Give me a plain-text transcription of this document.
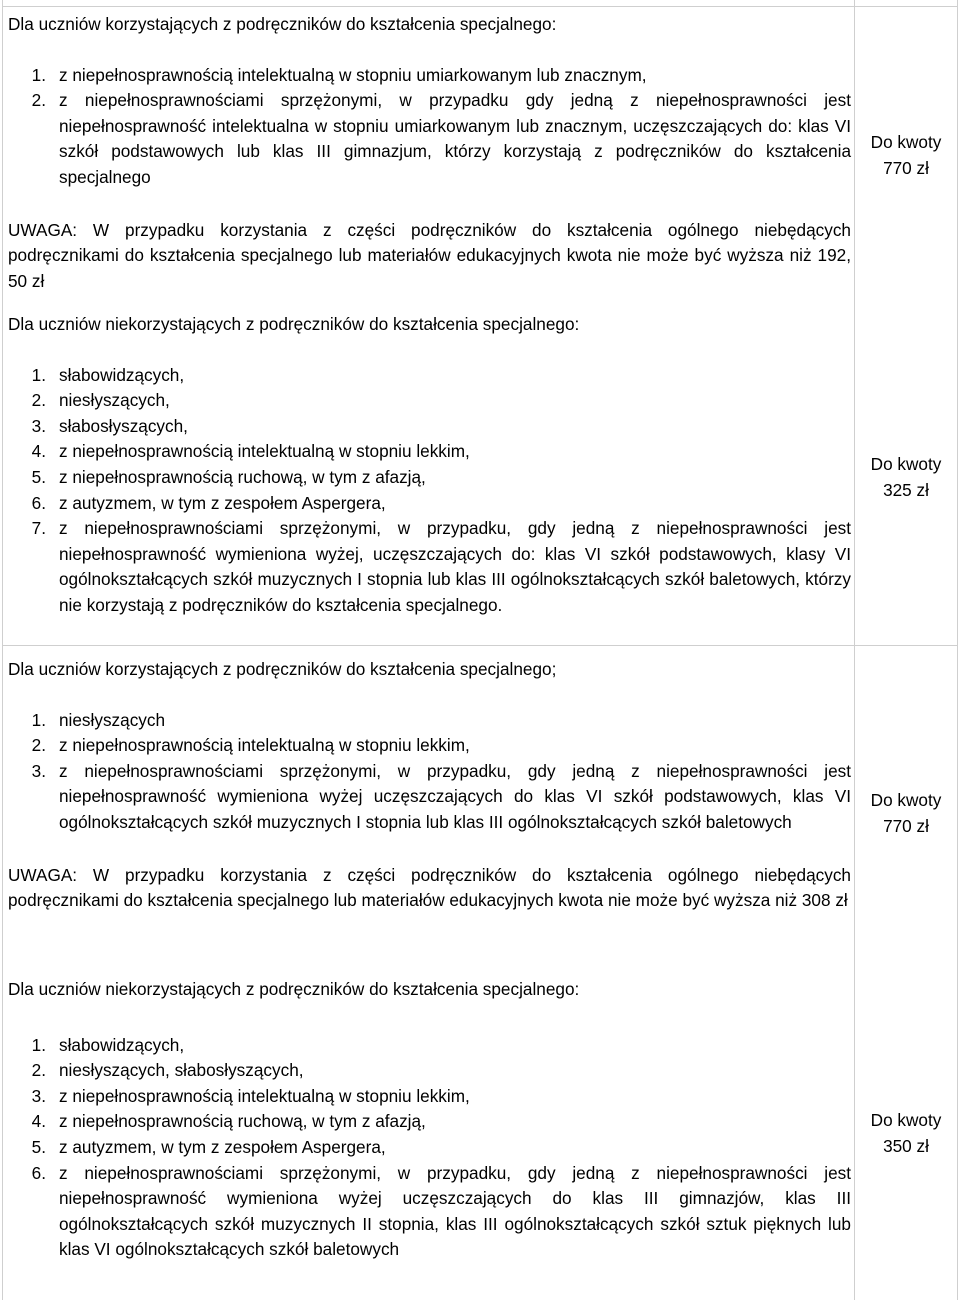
Dla uczniów korzystających z podręczników do kształcenia specjalnego:

1. z niepełnosprawnością intelektualną w stopniu umiarkowanym lub znacznym,
2. z niepełnosprawnościami sprzężonymi, w przypadku gdy jedną z niepełnosprawności jest niepełnosprawność intelektualna w stopniu umiarkowanym lub znacznym, uczęszczających do: klas VI szkół podstawowych lub klas III gimnazjum, którzy korzystają z podręczników do kształcenia specjalnego

UWAGA: W przypadku korzystania z części podręczników do kształcenia ogólnego niebędących podręcznikami do kształcenia specjalnego lub materiałów edukacyjnych kwota nie może być wyższa niż 192, 50 zł

Do kwoty
770 zł

Dla uczniów niekorzystających z podręczników do kształcenia specjalnego:

1. słabowidzących,
2. niesłyszących,
3. słabosłyszących,
4. z niepełnosprawnością intelektualną w stopniu lekkim,
5. z niepełnosprawnością ruchową, w tym z afazją,
6. z autyzmem, w tym z zespołem Aspergera,
7. z niepełnosprawnościami sprzężonymi, w przypadku, gdy jedną z niepełnosprawności jest niepełnosprawność wymieniona wyżej, uczęszczających do: klas VI szkół podstawowych, klasy VI ogólnokształcących szkół muzycznych I stopnia lub klas III ogólnokształcących szkół baletowych, którzy nie korzystają z podręczników do kształcenia specjalnego.
Do kwoty
325 zł

Dla uczniów korzystających z podręczników do kształcenia specjalnego;

1. niesłyszących
2. z niepełnosprawnością intelektualną w stopniu lekkim,
3. z niepełnosprawnościami sprzężonymi, w przypadku, gdy jedną z niepełnosprawności jest niepełnosprawność wymieniona wyżej uczęszczających do klas VI szkół podstawowych, klas VI ogólnokształcących szkół muzycznych I stopnia lub klas III ogólnokształcących szkół baletowych

UWAGA: W przypadku korzystania z części podręczników do kształcenia ogólnego niebędących podręcznikami do kształcenia specjalnego lub materiałów edukacyjnych kwota nie może być wyższa niż 308 zł

Do kwoty
770 zł

Dla uczniów niekorzystających z podręczników do kształcenia specjalnego:

1. słabowidzących,
2. niesłyszących, słabosłyszących,
3. z niepełnosprawnością intelektualną w stopniu lekkim,
4. z niepełnosprawnością ruchową, w tym z afazją,
5. z autyzmem, w tym z zespołem Aspergera,
6. z niepełnosprawnościami sprzężonymi, w przypadku, gdy jedną z niepełnosprawności jest niepełnosprawność wymieniona wyżej uczęszczających do klas III gimnazjów, klas III ogólnokształcących szkół muzycznych II stopnia, klas III ogólnokształcących szkół sztuk pięknych lub klas VI ogólnokształcących szkół baletowych
Do kwoty
350 zł
